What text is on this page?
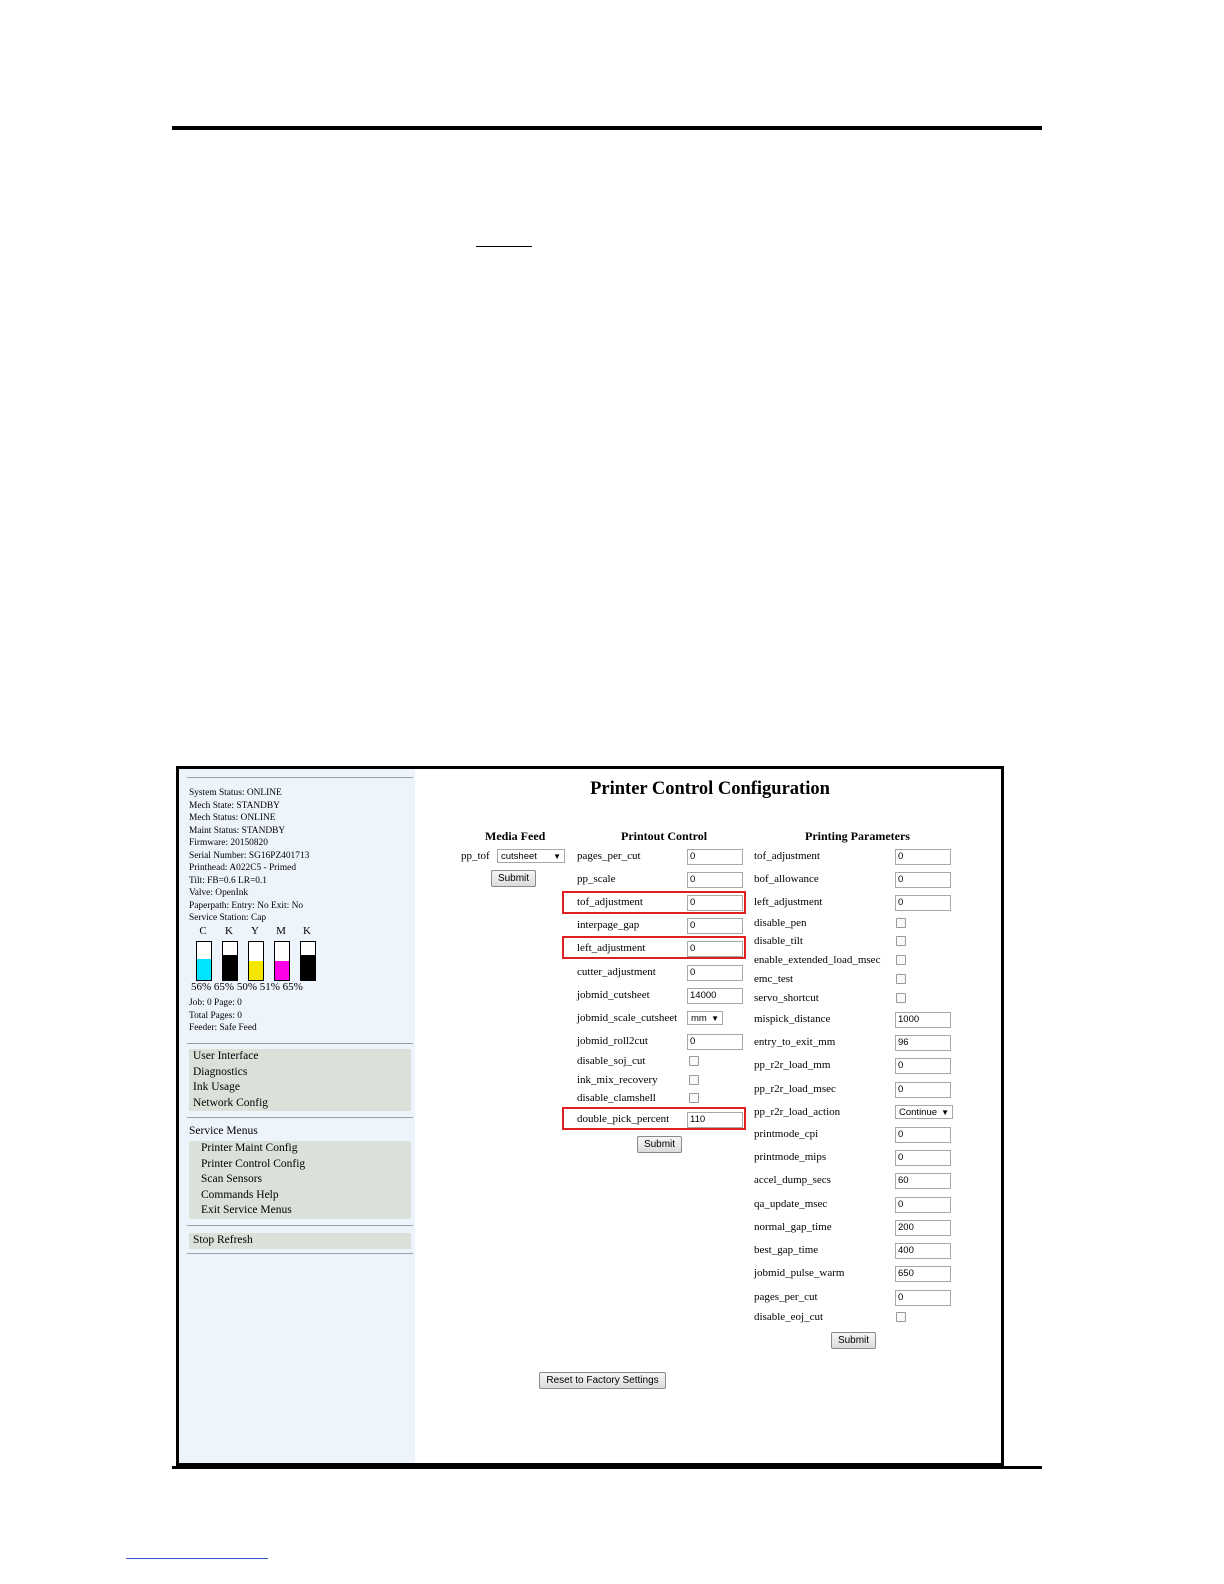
System Status: ONLINE
Mech State: STANDBY
Mech Status: ONLINE
Maint Status: STANDBY
Firmware: 20150820
Serial Number: SG16PZ401713
Printhead: A022C5 - Primed
Tilt: FB=0.6 LR=0.1
Valve: OpenInk
Paperpath: Entry: No Exit: No
Service Station: Cap
C	K	Y	M	K
56% 65% 50% 51% 65%
Job: 0 Page: 0
Total Pages: 0
Feeder: Safe Feed
User Interface
Diagnostics
Ink Usage
Network Config
Service Menus
Printer Maint Config
Printer Control Config
Scan Sensors
Commands Help
Exit Service Menus
Stop Refresh
Printer Control Configuration
Media Feed
pp_tof	cutsheet ▼
Submit
Printout Control
pages_per_cut	0
pp_scale	0
tof_adjustment	0
interpage_gap	0
left_adjustment	0
cutter_adjustment	0
jobmid_cutsheet	14000
jobmid_scale_cutsheet	mm ▼
jobmid_roll2cut	0
disable_soj_cut
ink_mix_recovery
disable_clamshell
double_pick_percent	110
Submit
Printing Parameters
tof_adjustment	0
bof_allowance	0
left_adjustment	0
disable_pen
disable_tilt
enable_extended_load_msec
emc_test
servo_shortcut
mispick_distance	1000
entry_to_exit_mm	96
pp_r2r_load_mm	0
pp_r2r_load_msec	0
pp_r2r_load_action	Continue ▼
printmode_cpi	0
printmode_mips	0
accel_dump_secs	60
qa_update_msec	0
normal_gap_time	200
best_gap_time	400
jobmid_pulse_warm	650
pages_per_cut	0
disable_eoj_cut
Submit
Reset to Factory Settings
